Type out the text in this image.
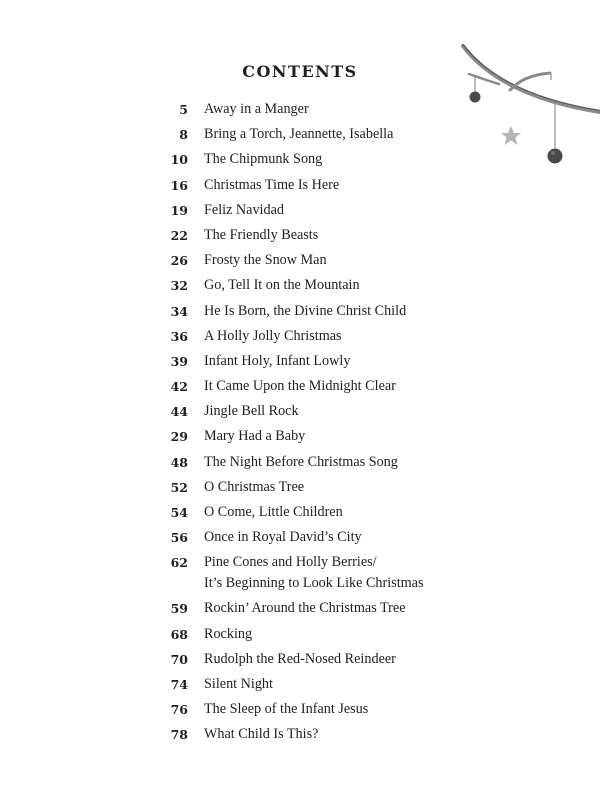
CONTENTS
5 Away in a Manger
8 Bring a Torch, Jeannette, Isabella
10 The Chipmunk Song
16 Christmas Time Is Here
19 Feliz Navidad
22 The Friendly Beasts
26 Frosty the Snow Man
32 Go, Tell It on the Mountain
34 He Is Born, the Divine Christ Child
36 A Holly Jolly Christmas
39 Infant Holy, Infant Lowly
42 It Came Upon the Midnight Clear
44 Jingle Bell Rock
29 Mary Had a Baby
48 The Night Before Christmas Song
52 O Christmas Tree
54 O Come, Little Children
56 Once in Royal David’s City
62 Pine Cones and Holly Berries/
It’s Beginning to Look Like Christmas
59 Rockin’ Around the Christmas Tree
68 Rocking
70 Rudolph the Red-Nosed Reindeer
74 Silent Night
76 The Sleep of the Infant Jesus
78 What Child Is This?
